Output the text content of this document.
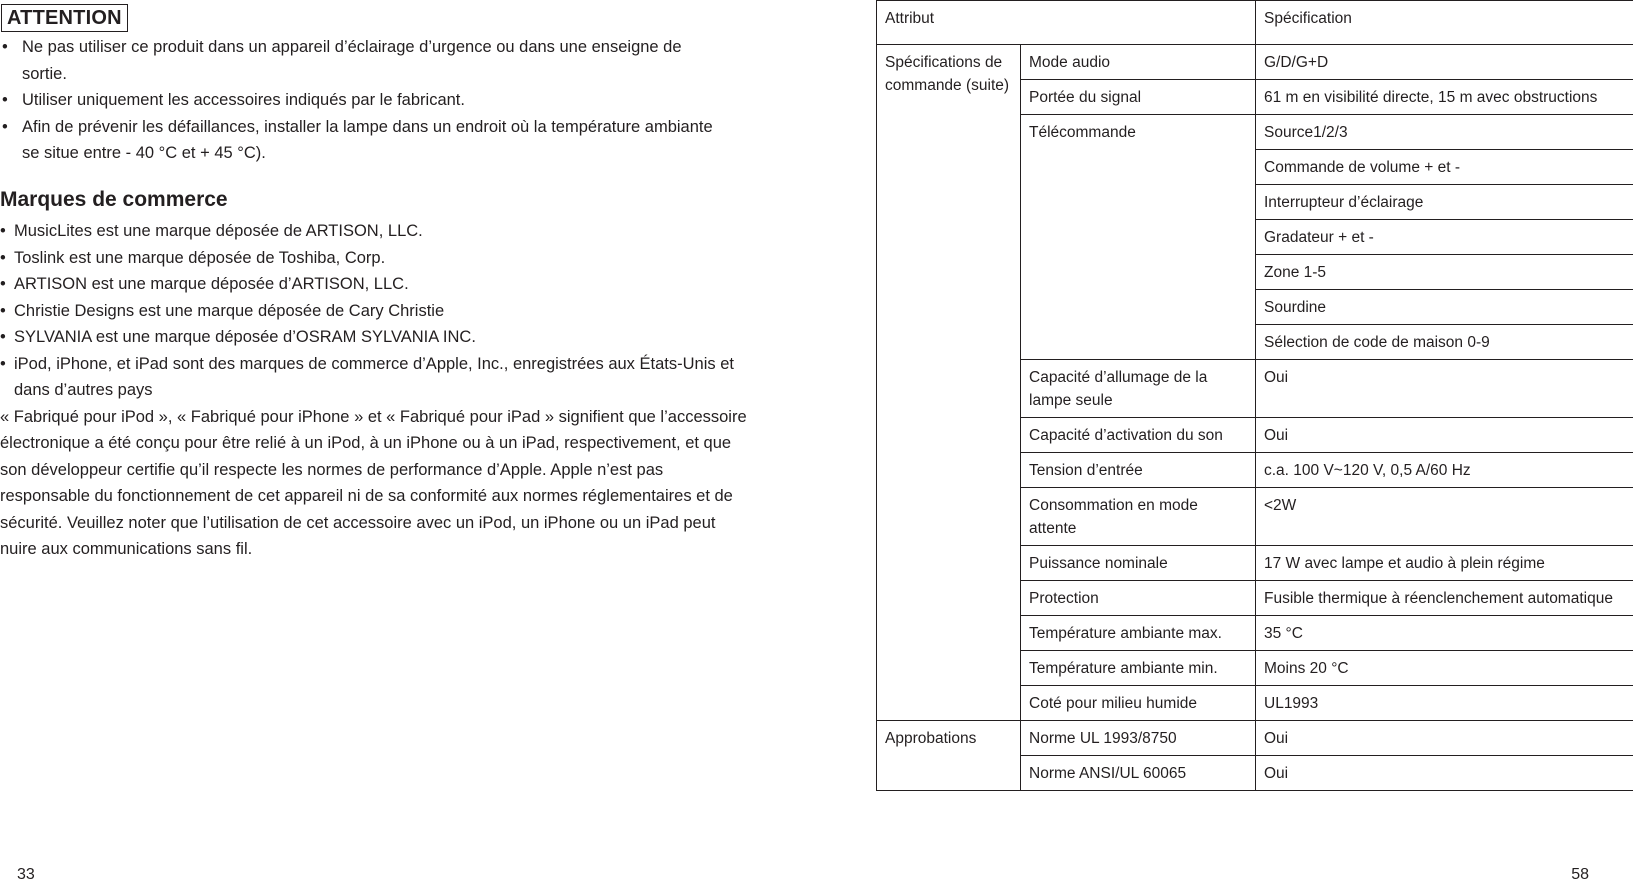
ATTENTION
• Ne pas utiliser ce produit dans un appareil d’éclairage d’urgence ou dans une enseigne de sortie.
• Utiliser uniquement les accessoires indiqués par le fabricant.
• Afin de prévenir les défaillances, installer la lampe dans un endroit où la température ambiante se situe entre - 40 °C et + 45 °C).
Marques de commerce
• MusicLites est une marque déposée de ARTISON, LLC.
• Toslink est une marque déposée de Toshiba, Corp.
• ARTISON est une marque déposée d’ARTISON, LLC.
• Christie Designs est une marque déposée de Cary Christie
• SYLVANIA est une marque déposée d’OSRAM SYLVANIA INC.
• iPod, iPhone, et iPad sont des marques de commerce d’Apple, Inc., enregistrées aux États-Unis et dans d’autres pays

« Fabriqué pour iPod », « Fabriqué pour iPhone » et « Fabriqué pour iPad » signifient que l’accessoire électronique a été conçu pour être relié à un iPod, à un iPhone ou à un iPad, respectivement, et que son développeur certifie qu’il respecte les normes de performance d’Apple. Apple n’est pas responsable du fonctionnement de cet appareil ni de sa conformité aux normes réglementaires et de sécurité. Veuillez noter que l’utilisation de cet accessoire avec un iPod, un iPhone ou un iPad peut nuire aux communications sans fil.

33
Attribut		Spécification
Spécifications de commande (suite)	Mode audio	G/D/G+D
	Portée du signal	61 m en visibilité directe, 15 m avec obstructions
	Télécommande	Source1/2/3
		Commande de volume + et -
		Interrupteur d’éclairage
		Gradateur + et -
		Zone 1-5
		Sourdine
		Sélection de code de maison 0-9
	Capacité d’allumage de la lampe seule	Oui
	Capacité d’activation du son	Oui
	Tension d’entrée	c.a. 100 V~120 V, 0,5 A/60 Hz
	Consommation en mode attente	<2W
	Puissance nominale	17 W avec lampe et audio à plein régime
	Protection	Fusible thermique à réenclenchement automatique
	Température ambiante max.	35 °C
	Température ambiante min.	Moins 20 °C
	Coté pour milieu humide	UL1993
Approbations	Norme UL 1993/8750	Oui
	Norme ANSI/UL 60065	Oui
58
